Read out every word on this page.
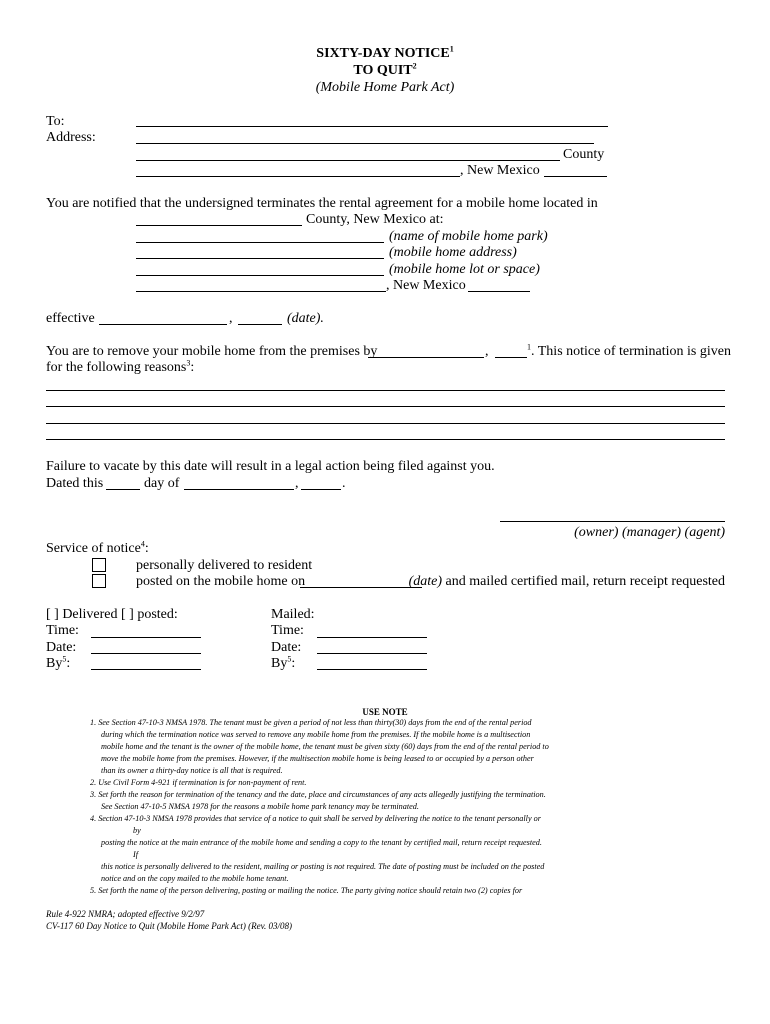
SIXTY-DAY NOTICE$^1$
TO QUIT$^2$
(Mobile Home Park Act)
To:
Address:
County
, New Mexico
You are notified that the undersigned terminates the rental agreement for a mobile home located in
County, New Mexico at:
(name of mobile home park)
(mobile home address)
(mobile home lot or space)
, New Mexico
effective	,	(date).
You are to remove your mobile home from the premises by	,	$^1$. This notice of termination is given
for the following reasons$^3$:
Failure to vacate by this date will result in a legal action being filed against you.
Dated this	day of	,	.
(owner) (manager) (agent)
Service of notice$^4$:
personally delivered to resident
posted on the mobile home on	(date) and mailed certified mail, return receipt requested
[ ] Delivered [ ] posted:	Mailed:
Time:	Time:
Date:	Date:
By$^5$:	By$^5$:
USE NOTE
1. See Section 47-10-3 NMSA 1978. The tenant must be given a period of not less than thirty(30) days from the end of the rental period
during which the termination notice was served to remove any mobile home from the premises. If the mobile home is a multisection
mobile home and the tenant is the owner of the mobile home, the tenant must be given sixty (60) days from the end of the rental period to
move the mobile home from the premises. However, if the multisection mobile home is being leased to or occupied by a person other
than its owner a thirty-day notice is all that is required.
2. Use Civil Form 4-921 if termination is for non-payment of rent.
3. Set forth the reason for termination of the tenancy and the date, place and circumstances of any acts allegedly justifying the termination.
See Section 47-10-5 NMSA 1978 for the reasons a mobile home park tenancy may be terminated.
4. Section 47-10-3 NMSA 1978 provides that service of a notice to quit shall be served by delivering the notice to the tenant personally or
by
posting the notice at the main entrance of the mobile home and sending a copy to the tenant by certified mail, return receipt requested.
If
this notice is personally delivered to the resident, mailing or posting is not required. The date of posting must be included on the posted
notice and on the copy mailed to the mobile home tenant.
5. Set forth the name of the person delivering, posting or mailing the notice. The party giving notice should retain two (2) copies for
Rule 4-922 NMRA; adopted effective 9/2/97
CV-117 60 Day Notice to Quit (Mobile Home Park Act) (Rev. 03/08)
